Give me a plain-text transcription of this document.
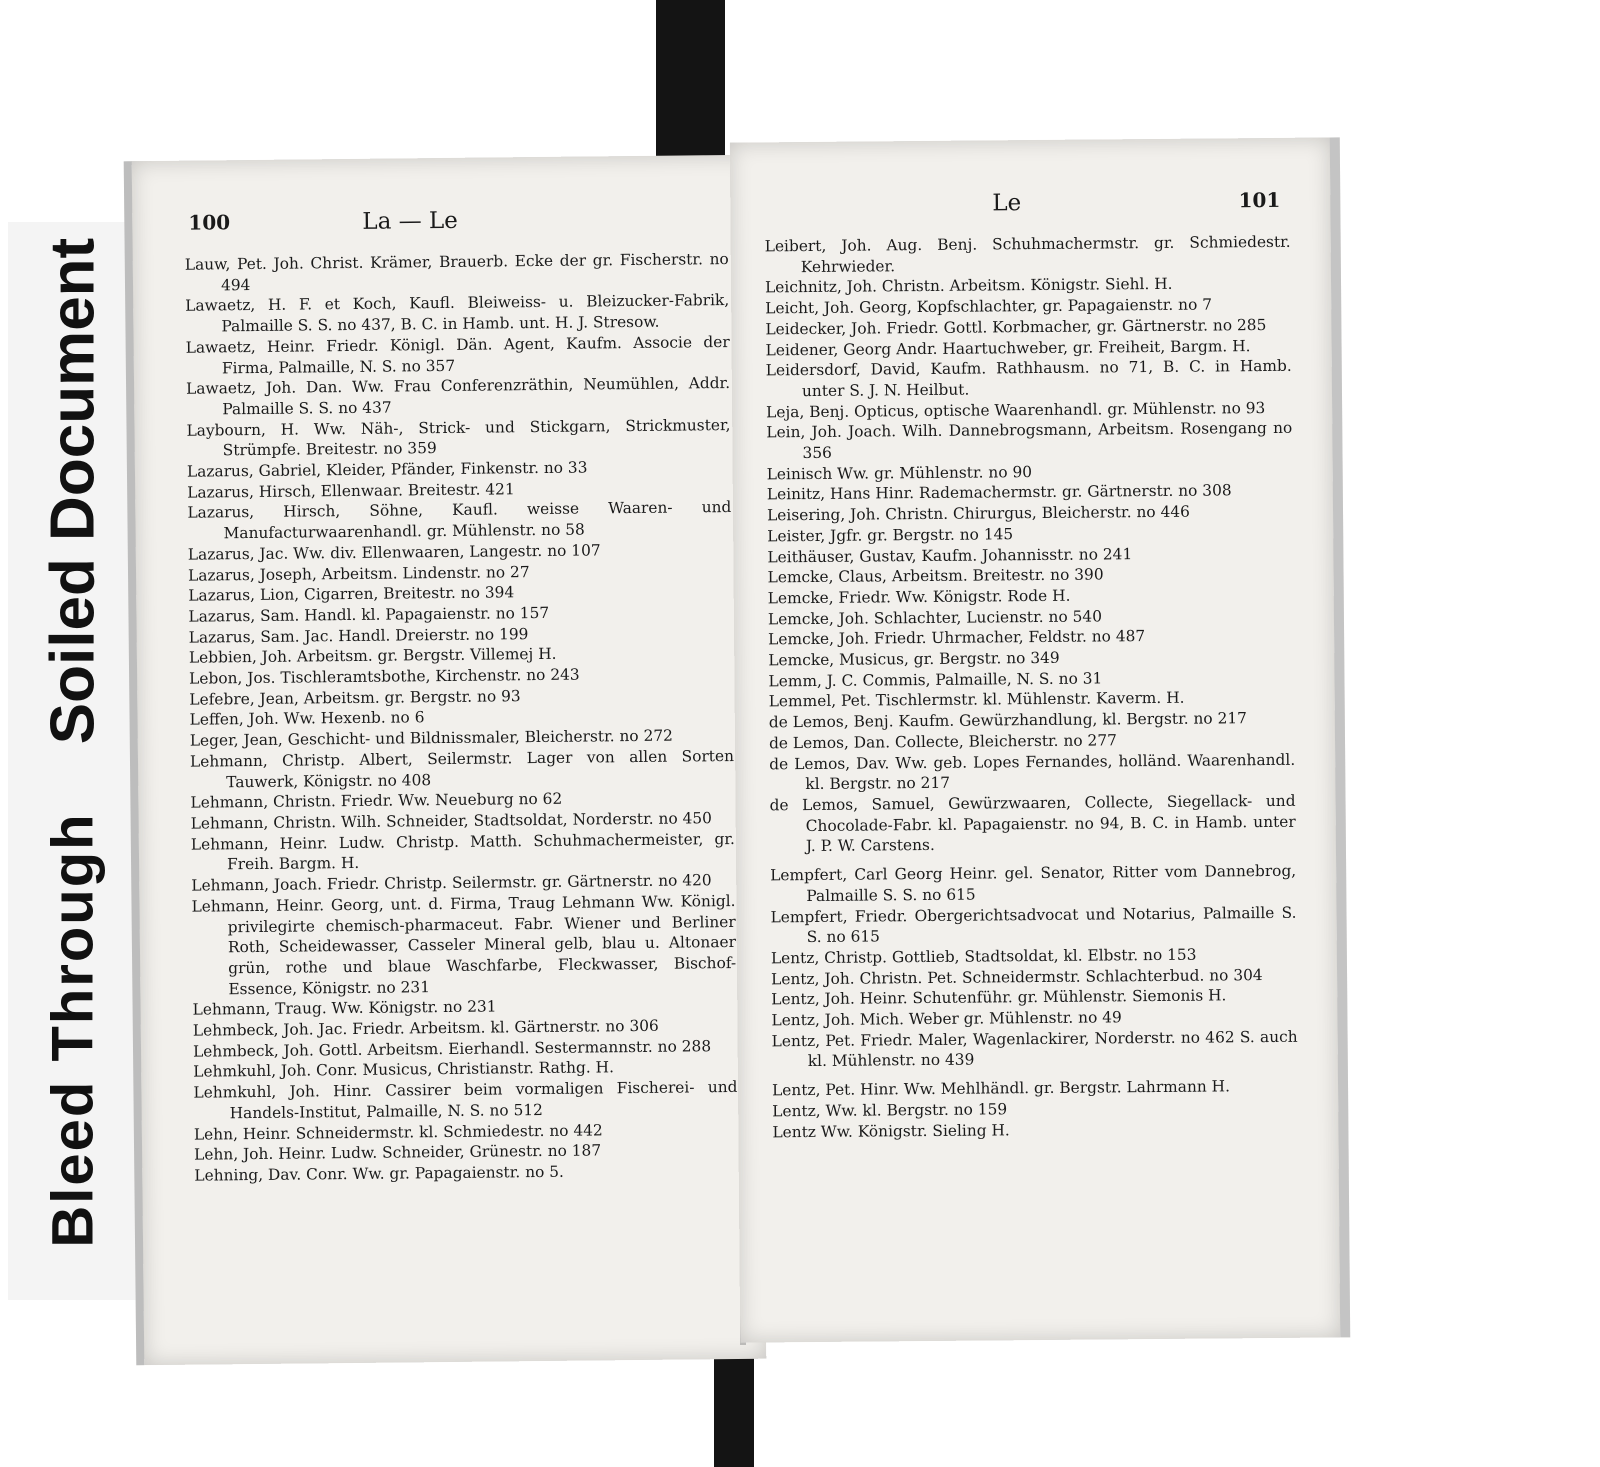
Soiled Document
Bleed Through
100	La — Le
Lauw, Pet. Joh. Christ. Krämer, Brauerb. Ecke der gr. Fischerstr. no 494
Lawaetz, H. F. et Koch, Kaufl. Bleiweiss- u. Bleizucker-Fabrik, Palmaille S. S. no 437, B. C. in Hamb. unt. H. J. Stresow.
Lawaetz, Heinr. Friedr. Königl. Dän. Agent, Kaufm. Associe der Firma, Palmaille, N. S. no 357
Lawaetz, Joh. Dan. Ww. Frau Conferenzräthin, Neumühlen, Addr. Palmaille S. S. no 437
Laybourn, H. Ww. Näh-, Strick- und Stickgarn, Strickmuster, Strümpfe. Breitestr. no 359
Lazarus, Gabriel, Kleider, Pfänder, Finkenstr. no 33
Lazarus, Hirsch, Ellenwaar. Breitestr. 421
Lazarus, Hirsch, Söhne, Kaufl. weisse Waaren- und Manufacturwaarenhandl. gr. Mühlenstr. no 58
Lazarus, Jac. Ww. div. Ellenwaaren, Langestr. no 107
Lazarus, Joseph, Arbeitsm. Lindenstr. no 27
Lazarus, Lion, Cigarren, Breitestr. no 394
Lazarus, Sam. Handl. kl. Papagaienstr. no 157
Lazarus, Sam. Jac. Handl. Dreierstr. no 199
Lebbien, Joh. Arbeitsm. gr. Bergstr. Villemej H.
Lebon, Jos. Tischleramtsbothe, Kirchenstr. no 243
Lefebre, Jean, Arbeitsm. gr. Bergstr. no 93
Leffen, Joh. Ww. Hexenb. no 6
Leger, Jean, Geschicht- und Bildnissmaler, Bleicherstr. no 272
Lehmann, Christp. Albert, Seilermstr. Lager von allen Sorten Tauwerk, Königstr. no 408
Lehmann, Christn. Friedr. Ww. Neueburg no 62
Lehmann, Christn. Wilh. Schneider, Stadtsoldat, Norderstr. no 450
Lehmann, Heinr. Ludw. Christp. Matth. Schuhmachermeister, gr. Freih. Bargm. H.
Lehmann, Joach. Friedr. Christp. Seilermstr. gr. Gärtnerstr. no 420
Lehmann, Heinr. Georg, unt. d. Firma, Traug Lehmann Ww. Königl. privilegirte chemisch-pharmaceut. Fabr. Wiener und Berliner Roth, Scheidewasser, Casseler Mineral gelb, blau u. Altonaer grün, rothe und blaue Waschfarbe, Fleckwasser, Bischof-Essence, Königstr. no 231
Lehmann, Traug. Ww. Königstr. no 231
Lehmbeck, Joh. Jac. Friedr. Arbeitsm. kl. Gärtnerstr. no 306
Lehmbeck, Joh. Gottl. Arbeitsm. Eierhandl. Sestermannstr. no 288
Lehmkuhl, Joh. Conr. Musicus, Christianstr. Rathg. H.
Lehmkuhl, Joh. Hinr. Cassirer beim vormaligen Fischerei- und Handels-Institut, Palmaille, N. S. no 512
Lehn, Heinr. Schneidermstr. kl. Schmiedestr. no 442
Lehn, Joh. Heinr. Ludw. Schneider, Grünestr. no 187
Lehning, Dav. Conr. Ww. gr. Papagaienstr. no 5.
Le	101
Leibert, Joh. Aug. Benj. Schuhmachermstr. gr. Schmiedestr. Kehrwieder.
Leichnitz, Joh. Christn. Arbeitsm. Königstr. Siehl. H.
Leicht, Joh. Georg, Kopfschlachter, gr. Papagaienstr. no 7
Leidecker, Joh. Friedr. Gottl. Korbmacher, gr. Gärtnerstr. no 285
Leidener, Georg Andr. Haartuchweber, gr. Freiheit, Bargm. H.
Leidersdorf, David, Kaufm. Rathhausm. no 71, B. C. in Hamb. unter S. J. N. Heilbut.
Leja, Benj. Opticus, optische Waarenhandl. gr. Mühlenstr. no 93
Lein, Joh. Joach. Wilh. Dannebrogsmann, Arbeitsm. Rosengang no 356
Leinisch Ww. gr. Mühlenstr. no 90
Leinitz, Hans Hinr. Rademachermstr. gr. Gärtnerstr. no 308
Leisering, Joh. Christn. Chirurgus, Bleicherstr. no 446
Leister, Jgfr. gr. Bergstr. no 145
Leithäuser, Gustav, Kaufm. Johannisstr. no 241
Lemcke, Claus, Arbeitsm. Breitestr. no 390
Lemcke, Friedr. Ww. Königstr. Rode H.
Lemcke, Joh. Schlachter, Lucienstr. no 540
Lemcke, Joh. Friedr. Uhrmacher, Feldstr. no 487
Lemcke, Musicus, gr. Bergstr. no 349
Lemm, J. C. Commis, Palmaille, N. S. no 31
Lemmel, Pet. Tischlermstr. kl. Mühlenstr. Kaverm. H.
de Lemos, Benj. Kaufm. Gewürzhandlung, kl. Bergstr. no 217
de Lemos, Dan. Collecte, Bleicherstr. no 277
de Lemos, Dav. Ww. geb. Lopes Fernandes, holländ. Waarenhandl. kl. Bergstr. no 217
de Lemos, Samuel, Gewürzwaaren, Collecte, Siegellack- und Chocolade-Fabr. kl. Papagaienstr. no 94, B. C. in Hamb. unter J. P. W. Carstens.
Lempfert, Carl Georg Heinr. gel. Senator, Ritter vom Dannebrog, Palmaille S. S. no 615
Lempfert, Friedr. Obergerichtsadvocat und Notarius, Palmaille S. S. no 615
Lentz, Christp. Gottlieb, Stadtsoldat, kl. Elbstr. no 153
Lentz, Joh. Christn. Pet. Schneidermstr. Schlachterbud. no 304
Lentz, Joh. Heinr. Schutenführ. gr. Mühlenstr. Siemonis H.
Lentz, Joh. Mich. Weber gr. Mühlenstr. no 49
Lentz, Pet. Friedr. Maler, Wagenlackirer, Norderstr. no 462 S. auch kl. Mühlenstr. no 439
Lentz, Pet. Hinr. Ww. Mehlhändl. gr. Bergstr. Lahrmann H.
Lentz, Ww. kl. Bergstr. no 159
Lentz Ww. Königstr. Sieling H.
